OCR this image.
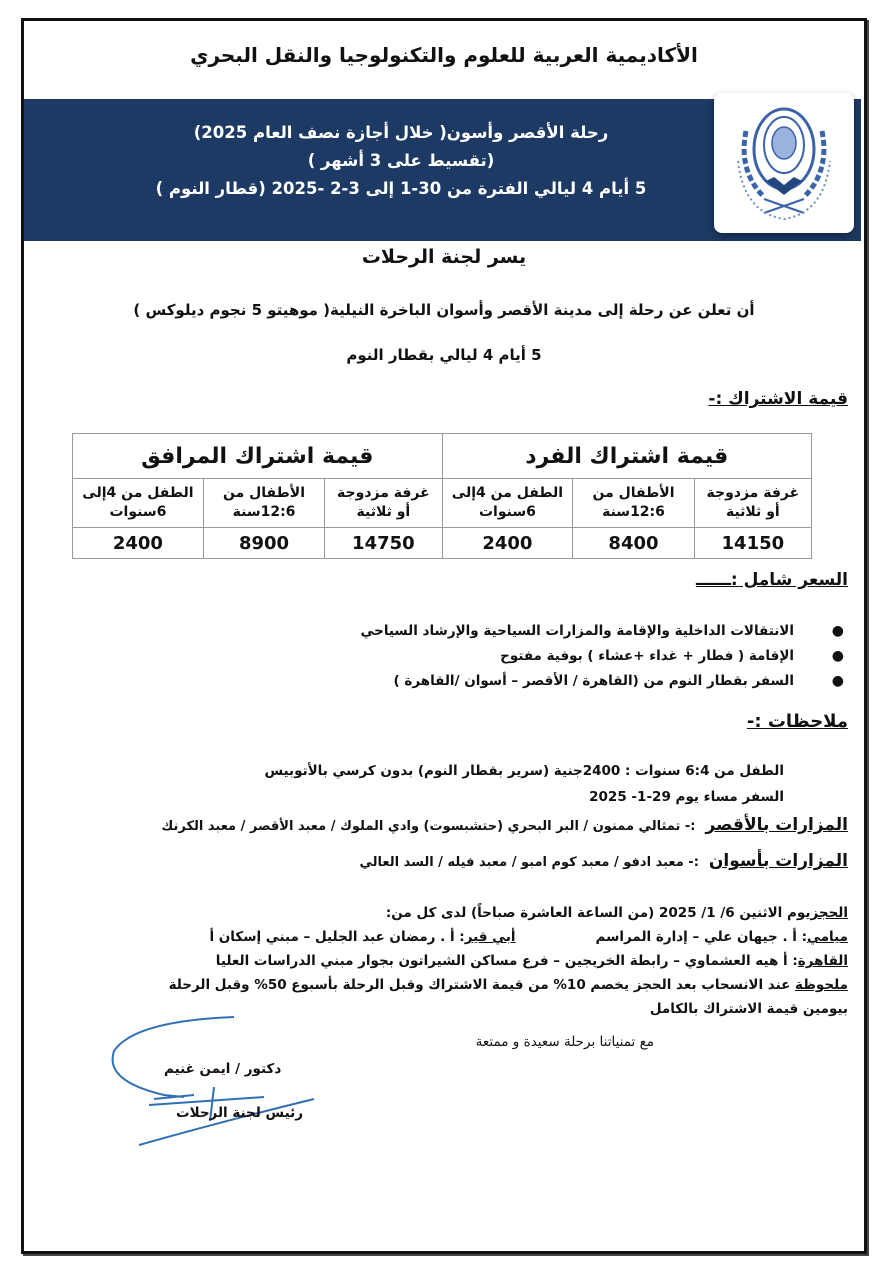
الأكاديمية العربية للعلوم والتكنولوجيا والنقل البحري
رحلة الأقصر وأسون( خلال أجازة نصف العام 2025)
(تقسيط على 3 أشهر )
5 أيام 4 ليالي الفترة من 30-1 إلى 3-2 -2025 (قطار النوم )
يسر لجنة الرحلات
أن تعلن عن رحلة إلى مدينة الأقصر وأسوان الباخرة النيلية( موهيتو 5 نجوم ديلوكس )
5 أيام 4 ليالي بقطار النوم
قيمة الاشتراك :-
قيمة اشتراك الفرد			قيمة اشتراك المرافق		
غرفة مزدوجة أو ثلاثية	الأطفال من 12:6سنة	الطفل من 4إلى 6سنوات	غرفة مزدوجة أو ثلاثية	الأطفال من 12:6سنة	الطفل من 4إلى 6سنوات
14150	8400	2400	14750	8900	2400
السعر شامل :ــــــ
●
الانتقالات الداخلية والإقامة والمزارات السياحية والإرشاد السياحي
●
الإقامة ( فطار + غداء +عشاء ) بوفية مفتوح
●
السفر بقطار النوم من (القاهرة / الأقصر – أسوان /القاهرة )
ملاحظات :-
الطفل من 6:4 سنوات : 2400جنية (سرير بقطار النوم) بدون كرسي بالأتوبيس
السفر مساء يوم 29-1- 2025
المزارات بالأقصر:- تمثالي ممنون / البر البحري (حتشبسوت) وادي الملوك / معبد الأقصر / معبد الكرنك
المزارات بأسوان:- معبد ادفو / معبد كوم امبو / معبد فيله / السد العالي
الحجزيوم الاثنين 6/ 1/ 2025 (من الساعة العاشرة صباحاً) لدى كل من:
ميامي: أ . جيهان علي – إدارة المراسمأبي قير: أ . رمضان عبد الجليل – مبني إسكان أ
القاهرة: أ هيه العشماوي – رابطة الخريجين – فرع مساكن الشيراتون بجوار مبني الدراسات العليا
ملحوظة عند الانسحاب بعد الحجز يخصم 10% من قيمة الاشتراك وقبل الرحلة بأسبوع 50% وقبل الرحلة
بيومين قيمة الاشتراك بالكامل
مع تمنياتنا برحلة سعيدة و ممتعة
دكتور / ايمن غنيم
رئيس لجنة الرحلات
